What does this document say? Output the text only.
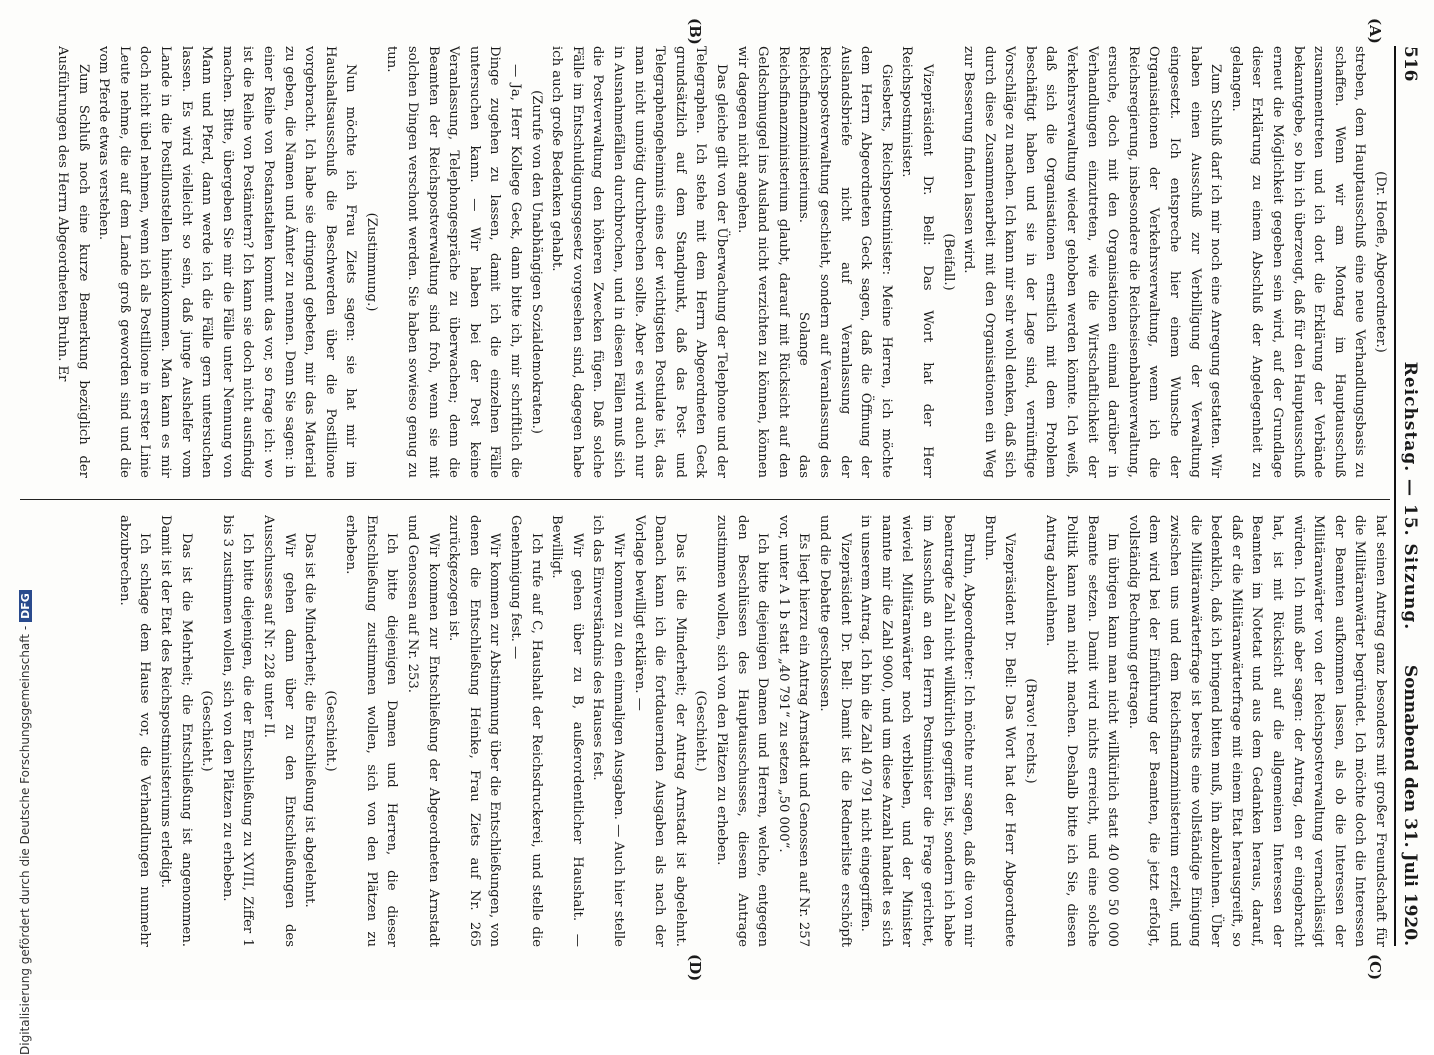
516
Reichstag. — 15. Sitzung.
Sonnabend den 31. Juli 1920.
(A)
(B)
(C)
(D)

(Dr. Hoefle, Abgeordneter.)

streben, dem Hauptausschuß eine neue Verhandlungsbasis zu schaffen. Wenn wir am Montag im Hauptausschuß zusammentreten und ich dort die Erklärung der Verbände bekanntgebe, so bin ich überzeugt, daß für den Hauptausschuß erneut die Möglichkeit gegeben sein wird, auf der Grundlage dieser Erklärung zu einem Abschluß der Angelegenheit zu gelangen.

Zum Schluß darf ich mir noch eine Anregung gestatten. Wir haben einen Ausschuß zur Verbilligung der Verwaltung eingesetzt. Ich entspreche hier einem Wunsche der Organisationen der Verkehrsverwaltung, wenn ich die Reichsregierung, insbesondere die Reichseisenbahnverwaltung, ersuche, doch mit den Organisationen einmal darüber in Verhandlungen einzutreten, wie die Wirtschaftlichkeit der Verkehrsverwaltung wieder gehoben werden könnte. Ich weiß, daß sich die Organisationen ernstlich mit dem Problem beschäftigt haben und sie in der Lage sind, vernünftige Vorschläge zu machen. Ich kann mir sehr wohl denken, daß sich durch diese Zusammenarbeit mit den Organisationen ein Weg zur Besserung finden lassen wird.

(Beifall.)

Vizepräsident Dr. Bell: Das Wort hat der Herr Reichspostminister.

Giesberts, Reichspostminister: Meine Herren, ich möchte dem Herrn Abgeordneten Geck sagen, daß die Öffnung der Auslandsbriefe nicht auf Veranlassung der Reichspostverwaltung geschieht, sondern auf Veranlassung des Reichsfinanzministeriums. Solange das Reichsfinanzministerium glaubt, darauf mit Rücksicht auf den Geldschmuggel ins Ausland nicht verzichten zu können, können wir dagegen nicht angehen.

Das gleiche gilt von der Überwachung der Telephone und der Telegraphen. Ich stehe mit dem Herrn Abgeordneten Geck grundsätzlich auf dem Standpunkt, daß das Post- und Telegraphengeheimnis eines der wichtigsten Postulate ist, das man nicht unnötig durchbrechen sollte. Aber es wird auch nur in Ausnahmefällen durchbrochen, und in diesen Fällen muß sich die Postverwaltung den höheren Zwecken fügen. Daß solche Fälle im Entschuldigungsgesetz vorgesehen sind, dagegen habe ich auch große Bedenken gehabt.

(Zurufe von den Unabhängigen Sozialdemokraten.)

— Ja, Herr Kollege Geck, dann bitte ich, mir schriftlich die Dinge zugehen zu lassen, damit ich die einzelnen Fälle untersuchen kann. — Wir haben bei der Post keine Veranlassung, Telephongespräche zu überwachen; denn die Beamten der Reichspostverwaltung sind froh, wenn sie mit solchen Dingen verschont werden. Sie haben sowieso genug zu tun.

(Zustimmung.)

Nun möchte ich Frau Ziets sagen: sie hat mir im Haushaltsausschuß die Beschwerden über die Postillione vorgebracht. Ich habe sie dringend gebeten, mir das Material zu geben, die Namen und Ämter zu nennen. Denn Sie sagen: in einer Reihe von Postanstalten kommt das vor, so frage ich: wo ist die Reihe von Postämtern? Ich kann sie doch nicht ausfindig machen. Bitte, übergeben Sie mir die Fälle unter Nennung von Mann und Pferd, dann werde ich die Fälle gern untersuchen lassen. Es wird vielleicht so sein, daß junge Aushelfer vom Lande in die Postillonstellen hineinkommen. Man kann es mir doch nicht übel nehmen, wenn ich als Postillione in erster Linie Leute nehme, die auf dem Lande groß geworden sind und die vom Pferde etwas verstehen.

Zum Schluß noch eine kurze Bemerkung bezüglich der Ausführungen des Herrn Abgeordneten Bruhn. Er

hat seinen Antrag ganz besonders mit großer Freundschaft für die Militäranwärter begründet. Ich möchte doch die Interessen der Beamten aufkommen lassen, als ob die Interessen der Militäranwärter von der Reichspostverwaltung vernachlässigt würden. Ich muß aber sagen: der Antrag, den er eingebracht hat, ist mit Rücksicht auf die allgemeinen Interessen der Beamten im Notetat und aus dem Gedanken heraus, darauf, daß er die Militäranwärterfrage mit einem Etat herausgreift, so bedenklich, daß ich bringend bitten muß, ihn abzulehnen. Über die Militäranwärterfrage ist bereits eine vollständige Einigung zwischen uns und dem Reichsfinanzministerium erzielt, und dem wird bei der Einführung der Beamten, die jetzt erfolgt, vollständig Rechnung getragen.

Im übrigen kann man nicht willkürlich statt 40 000 50 000 Beamte setzen. Damit wird nichts erreicht, und eine solche Politik kann man nicht machen. Deshalb bitte ich Sie, diesen Antrag abzulehnen.

(Bravo! rechts.)

Vizepräsident Dr. Bell: Das Wort hat der Herr Abgeordnete Bruhn.

Bruhn, Abgeordneter: Ich möchte nur sagen, daß die von mir beantragte Zahl nicht willkürlich gegriffen ist, sondern ich habe im Ausschuß an den Herrn Postminister die Frage gerichtet, wieviel Militäranwärter noch verblieben, und der Minister nannte mir die Zahl 9000, und um diese Anzahl handelt es sich in unserem Antrag. Ich bin die Zahl 40 791 nicht eingegriffen.

Vizepräsident Dr. Bell: Damit ist die Rednerliste erschöpft und die Debatte geschlossen.

Es liegt hierzu ein Antrag Arnstadt und Genossen auf Nr. 257 vor, unter A 1 b statt „40 791“ zu setzen „50 000“.

Ich bitte diejenigen Damen und Herren, welche, entgegen den Beschlüssen des Hauptausschusses, diesem Antrage zustimmen wollen, sich von den Plätzen zu erheben.

(Geschieht.)

Das ist die Minderheit; der Antrag Arnstadt ist abgelehnt. Danach kann ich die fortdauernden Ausgaben als nach der Vorlage bewilligt erklären. —

Wir kommen zu den einmaligen Ausgaben. — Auch hier stelle ich das Einverständnis des Hauses fest.

Wir gehen über zu B, außerordentlicher Haushalt. — Bewilligt.

Ich rufe auf C, Haushalt der Reichsdruckerei, und stelle die Genehmigung fest. —

Wir kommen zur Abstimmung über die Entschließungen, von denen die Entschließung Heinke, Frau Ziets auf Nr. 265 zurückgezogen ist.

Wir kommen zur Entschließung der Abgeordneten Arnstadt und Genossen auf Nr. 253.

Ich bitte diejenigen Damen und Herren, die dieser Entschließung zustimmen wollen, sich von den Plätzen zu erheben.

(Geschieht.)

Das ist die Minderheit; die Entschließung ist abgelehnt.

Wir gehen dann über zu den Entschließungen des Ausschusses auf Nr. 228 unter II.

Ich bitte diejenigen, die der Entschließung zu XVIII, Ziffer 1 bis 3 zustimmen wollen, sich von den Plätzen zu erheben.

(Geschieht.)

Das ist die Mehrheit; die Entschließung ist angenommen. Damit ist der Etat des Reichspostministeriums erledigt.

Ich schlage dem Hause vor, die Verhandlungen nunmehr abzubrechen.

Digitalisierung gefördert durch die Deutsche Forschungsgemeinschaft -DFG
